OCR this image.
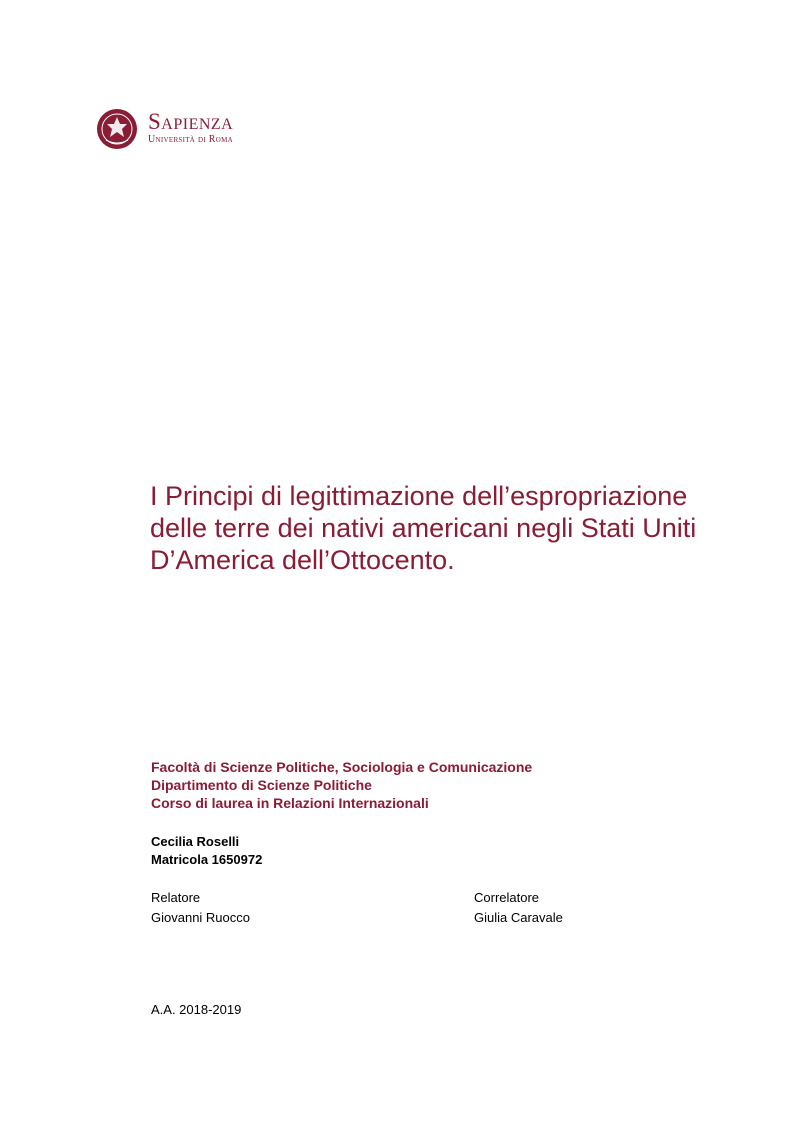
Sapienza
Università di Roma
I Principi di legittimazione dell’espropriazione
delle terre dei nativi americani negli Stati Uniti
D’America dell’Ottocento.
Facoltà di Scienze Politiche, Sociologia e Comunicazione
Dipartimento di Scienze Politiche
Corso di laurea in Relazioni Internazionali
Cecilia Roselli
Matricola 1650972
Relatore
Giovanni Ruocco
Correlatore
Giulia Caravale
A.A. 2018-2019
